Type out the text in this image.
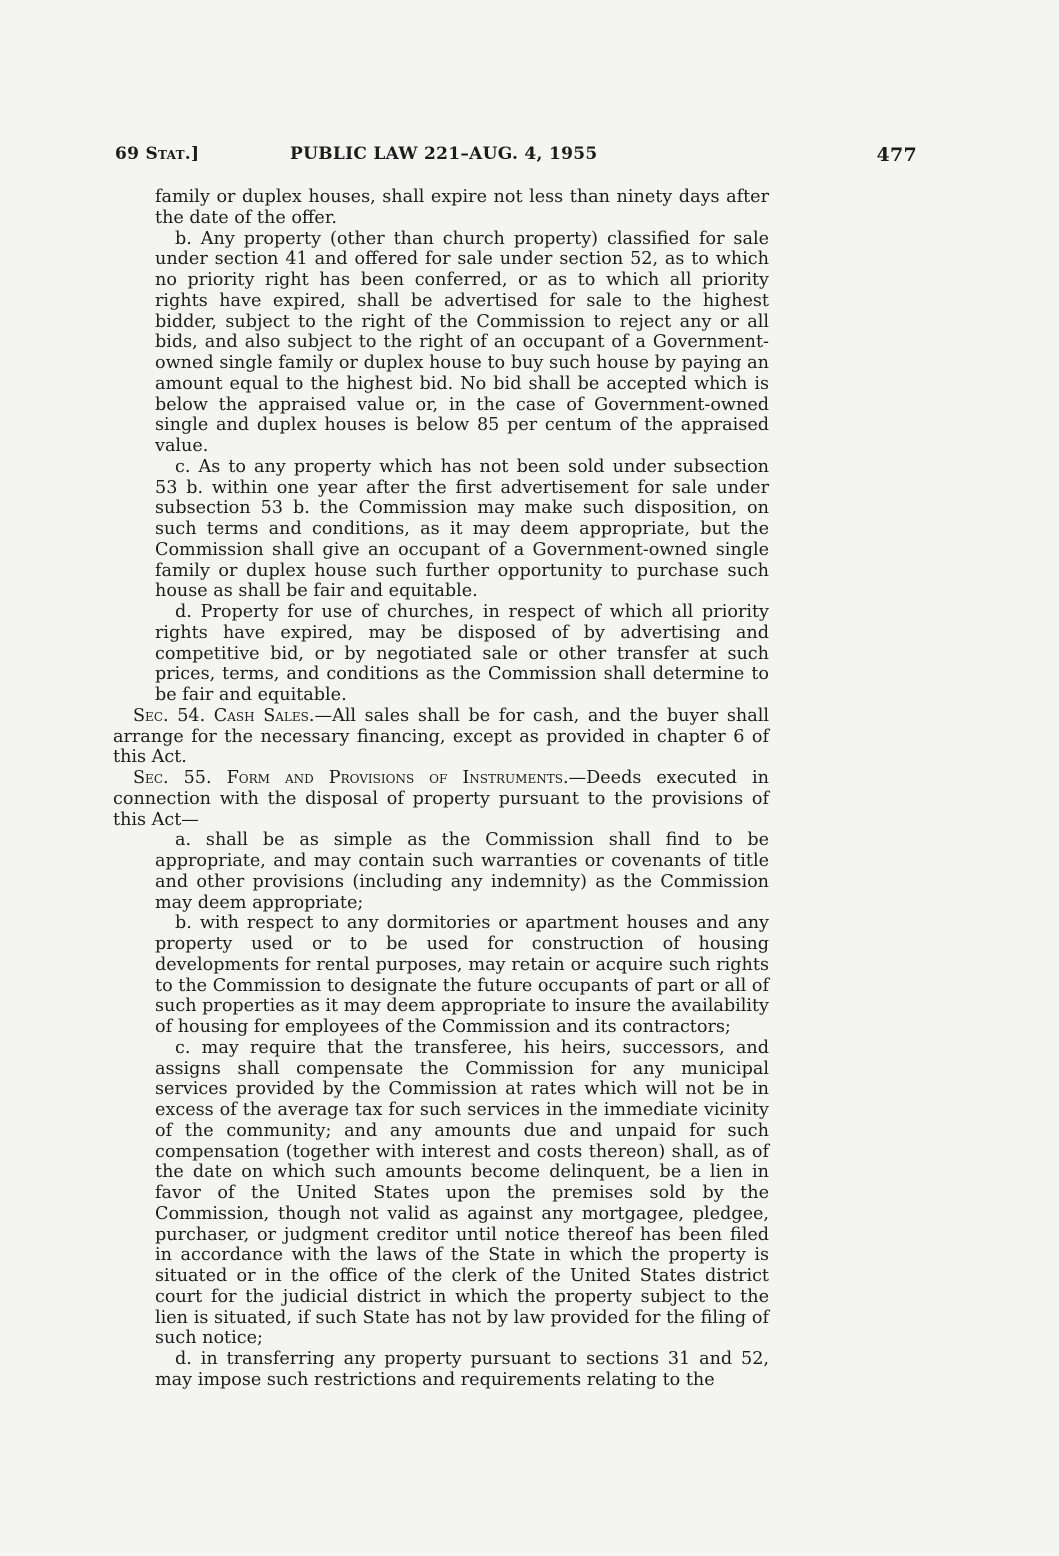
69 Stat.]	PUBLIC LAW 221–AUG. 4, 1955	477

family or duplex houses, shall expire not less than ninety days after the date of the offer.

b. Any property (other than church property) classified for sale under section 41 and offered for sale under section 52, as to which no priority right has been conferred, or as to which all priority rights have expired, shall be advertised for sale to the highest bidder, subject to the right of the Commission to reject any or all bids, and also subject to the right of an occupant of a Government-owned single family or duplex house to buy such house by paying an amount equal to the highest bid. No bid shall be accepted which is below the appraised value or, in the case of Government-owned single and duplex houses is below 85 per centum of the appraised value.

c. As to any property which has not been sold under subsection 53 b. within one year after the first advertisement for sale under subsection 53 b. the Commission may make such disposition, on such terms and conditions, as it may deem appropriate, but the Commission shall give an occupant of a Government-owned single family or duplex house such further opportunity to purchase such house as shall be fair and equitable.

d. Property for use of churches, in respect of which all priority rights have expired, may be disposed of by advertising and competitive bid, or by negotiated sale or other transfer at such prices, terms, and conditions as the Commission shall determine to be fair and equitable.

Sec. 54. Cash Sales.—All sales shall be for cash, and the buyer shall arrange for the necessary financing, except as provided in chapter 6 of this Act.

Sec. 55. Form and Provisions of Instruments.—Deeds executed in connection with the disposal of property pursuant to the provisions of this Act—

a. shall be as simple as the Commission shall find to be appropriate, and may contain such warranties or covenants of title and other provisions (including any indemnity) as the Commission may deem appropriate;

b. with respect to any dormitories or apartment houses and any property used or to be used for construction of housing developments for rental purposes, may retain or acquire such rights to the Commission to designate the future occupants of part or all of such properties as it may deem appropriate to insure the availability of housing for employees of the Commission and its contractors;

c. may require that the transferee, his heirs, successors, and assigns shall compensate the Commission for any municipal services provided by the Commission at rates which will not be in excess of the average tax for such services in the immediate vicinity of the community; and any amounts due and unpaid for such compensation (together with interest and costs thereon) shall, as of the date on which such amounts become delinquent, be a lien in favor of the United States upon the premises sold by the Commission, though not valid as against any mortgagee, pledgee, purchaser, or judgment creditor until notice thereof has been filed in accordance with the laws of the State in which the property is situated or in the office of the clerk of the United States district court for the judicial district in which the property subject to the lien is situated, if such State has not by law provided for the filing of such notice;

d. in transferring any property pursuant to sections 31 and 52, may impose such restrictions and requirements relating to the
